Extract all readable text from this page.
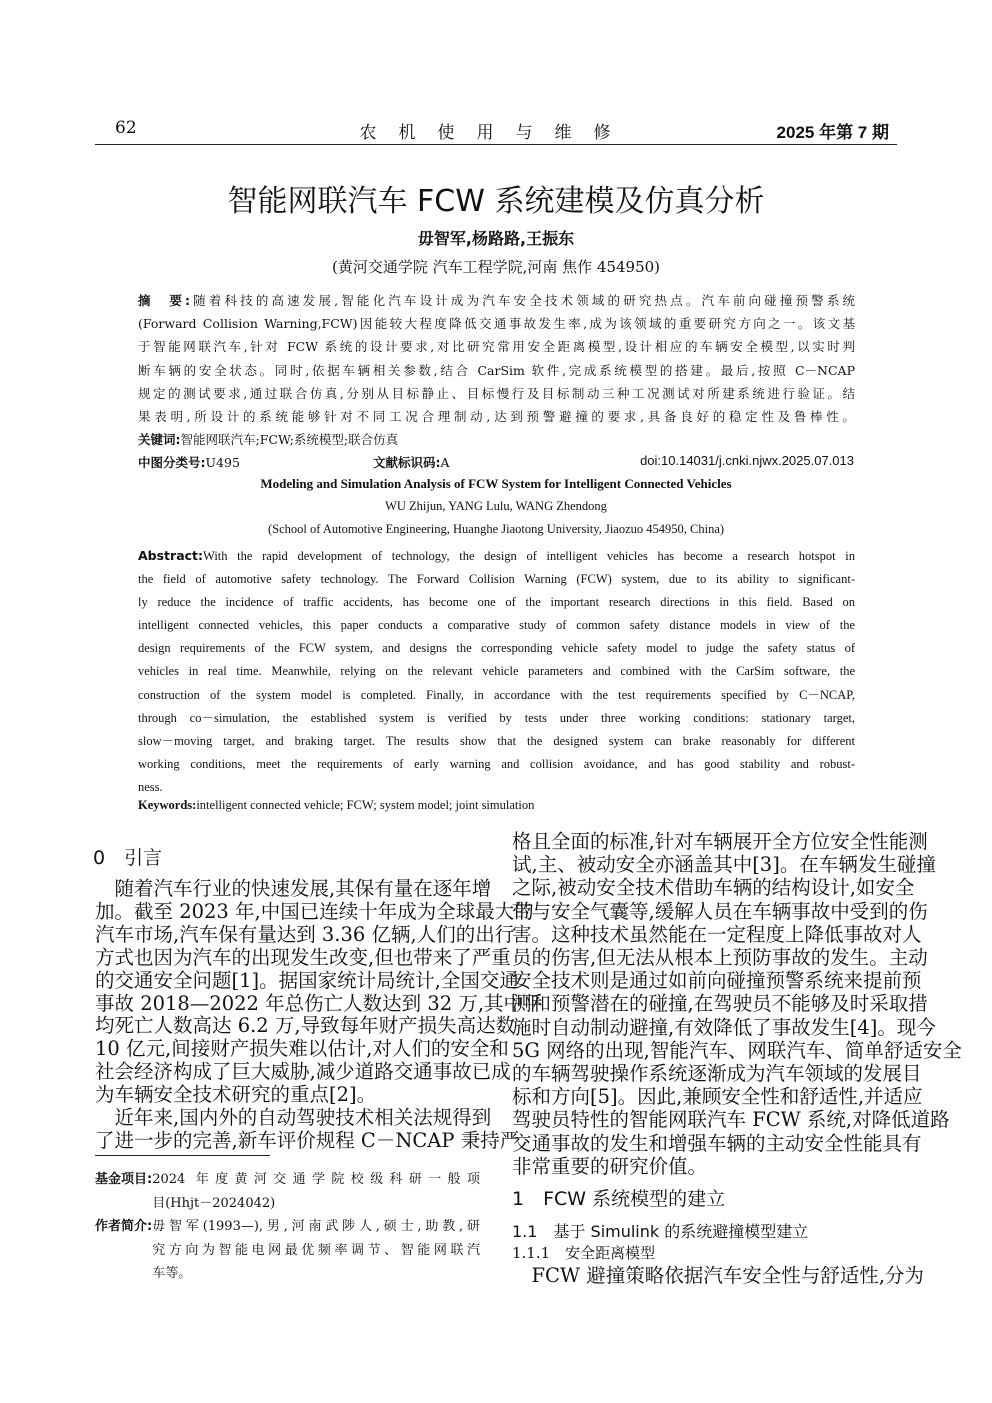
62	农机使用与维修	2025 年第 7 期
智能网联汽车 FCW 系统建模及仿真分析
毋智军,杨路路,王振东
(黄河交通学院 汽车工程学院,河南 焦作 454950)
摘　要:随着科技的高速发展,智能化汽车设计成为汽车安全技术领域的研究热点。汽车前向碰撞预警系统
(Forward Collision Warning,FCW)因能较大程度降低交通事故发生率,成为该领域的重要研究方向之一。该文基
于智能网联汽车,针对 FCW 系统的设计要求,对比研究常用安全距离模型,设计相应的车辆安全模型,以实时判
断车辆的安全状态。同时,依据车辆相关参数,结合 CarSim 软件,完成系统模型的搭建。最后,按照 C－NCAP
规定的测试要求,通过联合仿真,分别从目标静止、目标慢行及目标制动三种工况测试对所建系统进行验证。结
果表明,所设计的系统能够针对不同工况合理制动,达到预警避撞的要求,具备良好的稳定性及鲁棒性。
关键词:智能网联汽车;FCW;系统模型;联合仿真
中图分类号:U495	文献标识码:A	doi:10.14031/j.cnki.njwx.2025.07.013
Modeling and Simulation Analysis of FCW System for Intelligent Connected Vehicles
WU Zhijun, YANG Lulu, WANG Zhendong
(School of Automotive Engineering, Huanghe Jiaotong University, Jiaozuo 454950, China)
Abstract:With the rapid development of technology, the design of intelligent vehicles has become a research hotspot in
the field of automotive safety technology. The Forward Collision Warning (FCW) system, due to its ability to significant-
ly reduce the incidence of traffic accidents, has become one of the important research directions in this field. Based on
intelligent connected vehicles, this paper conducts a comparative study of common safety distance models in view of the
design requirements of the FCW system, and designs the corresponding vehicle safety model to judge the safety status of
vehicles in real time. Meanwhile, relying on the relevant vehicle parameters and combined with the CarSim software, the
construction of the system model is completed. Finally, in accordance with the test requirements specified by C－NCAP,
through co－simulation, the established system is verified by tests under three working conditions: stationary target,
slow－moving target, and braking target. The results show that the designed system can brake reasonably for different
working conditions, meet the requirements of early warning and collision avoidance, and has good stability and robust-
ness.
Keywords:intelligent connected vehicle; FCW; system model; joint simulation
0　引言
　随着汽车行业的快速发展,其保有量在逐年增
加。截至 2023 年,中国已连续十年成为全球最大的
汽车市场,汽车保有量达到 3.36 亿辆,人们的出行
方式也因为汽车的出现发生改变,但也带来了严重
的交通安全问题[1]。据国家统计局统计,全国交通
事故 2018—2022 年总伤亡人数达到 32 万,其中平
均死亡人数高达 6.2 万,导致每年财产损失高达数
10 亿元,间接财产损失难以估计,对人们的安全和
社会经济构成了巨大威胁,减少道路交通事故已成
为车辆安全技术研究的重点[2]。
　近年来,国内外的自动驾驶技术相关法规得到
了进一步的完善,新车评价规程 C－NCAP 秉持严
基金项目: 2024 年度黄河交通学院校级科研一般项
目(Hhjt－2024042)
作者简介: 毋智军(1993—),男,河南武陟人,硕士,助教,研
究方向为智能电网最优频率调节、智能网联汽
车等。
格且全面的标准,针对车辆展开全方位安全性能测
试,主、被动安全亦涵盖其中[3]。在车辆发生碰撞
之际,被动安全技术借助车辆的结构设计,如安全
带与安全气囊等,缓解人员在车辆事故中受到的伤
害。这种技术虽然能在一定程度上降低事故对人
员的伤害,但无法从根本上预防事故的发生。主动
安全技术则是通过如前向碰撞预警系统来提前预
测和预警潜在的碰撞,在驾驶员不能够及时采取措
施时自动制动避撞,有效降低了事故发生[4]。现今
5G 网络的出现,智能汽车、网联汽车、简单舒适安全
的车辆驾驶操作系统逐渐成为汽车领域的发展目
标和方向[5]。因此,兼顾安全性和舒适性,并适应
驾驶员特性的智能网联汽车 FCW 系统,对降低道路
交通事故的发生和增强车辆的主动安全性能具有
非常重要的研究价值。
1　FCW 系统模型的建立
1.1　基于 Simulink 的系统避撞模型建立
1.1.1　安全距离模型
　FCW 避撞策略依据汽车安全性与舒适性,分为
